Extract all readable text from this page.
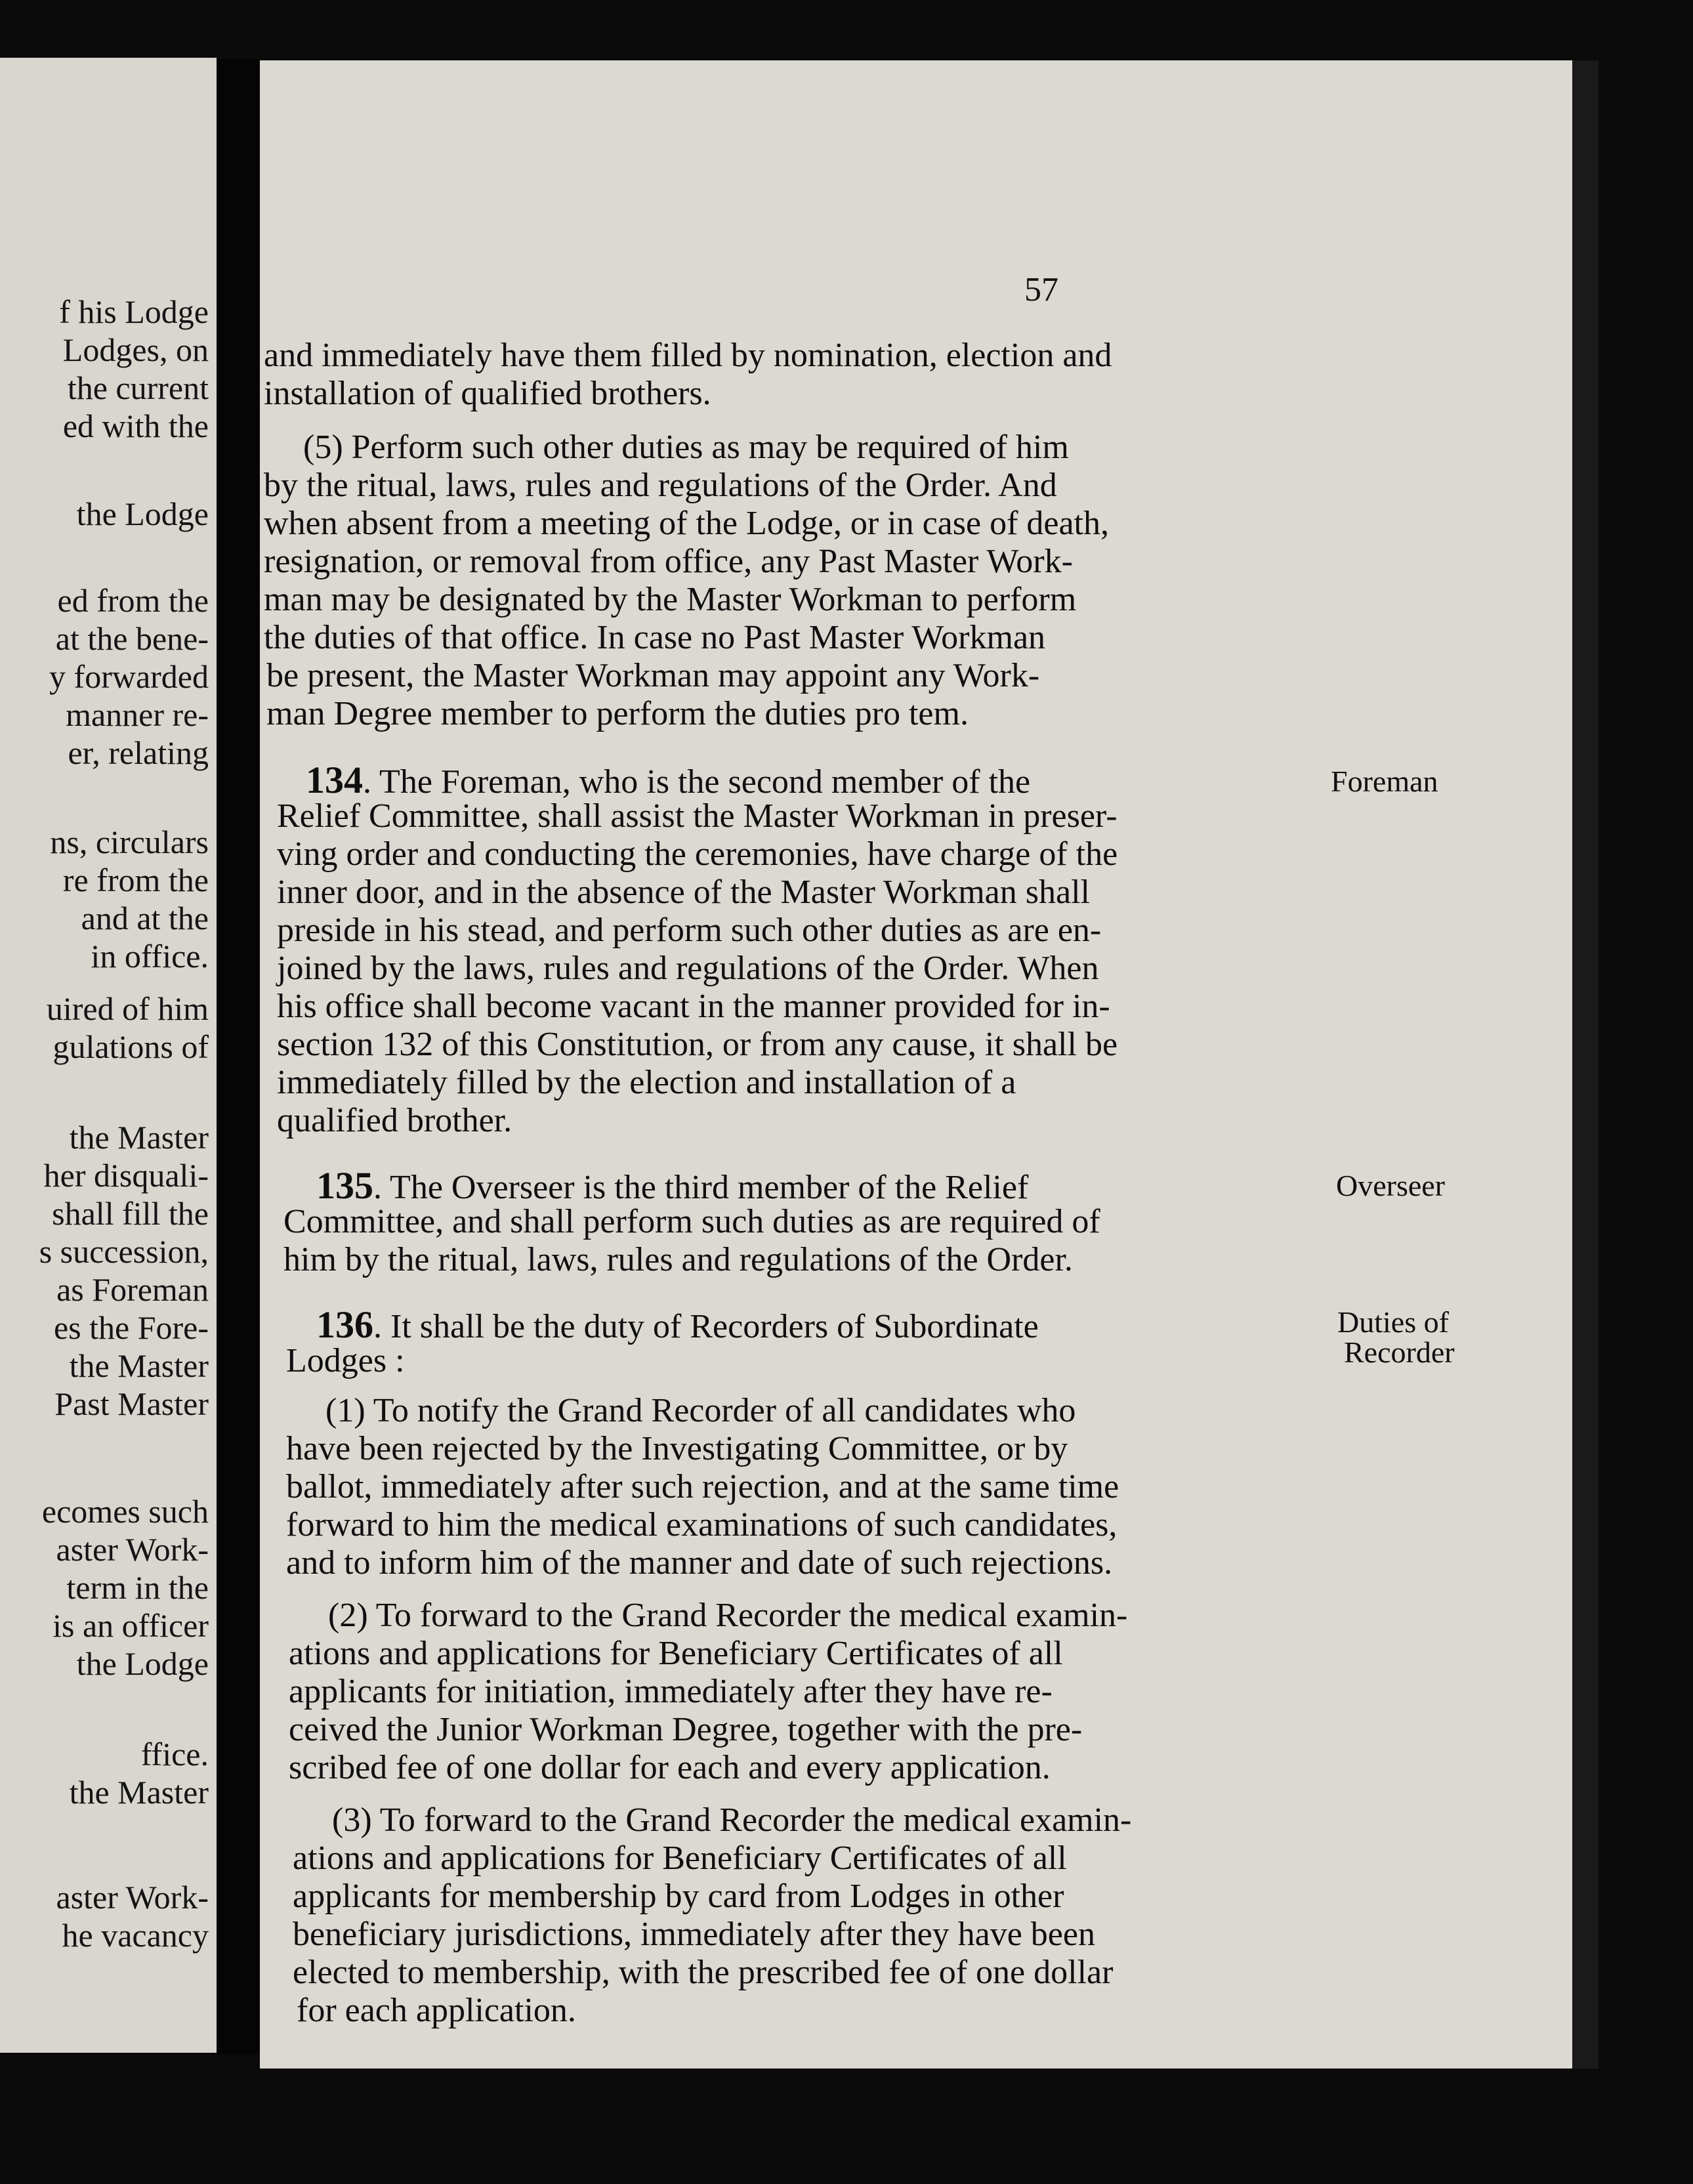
f his Lodge
Lodges, on
the current
ed with the
the Lodge
ed from the
at the bene-
y forwarded
manner re-
er, relating
ns, circulars
re from the
and at the
in office.
uired of him
gulations of
the Master
her disquali-
shall fill the
s succession,
as Foreman
es the Fore-
the Master
Past Master
ecomes such
aster Work-
term in the
is an officer
the Lodge
ffice.
the Master
aster Work-
he vacancy
57
and immediately have them filled by nomination, election and
installation of qualified brothers.
(5) Perform such other duties as may be required of him
by the ritual, laws, rules and regulations of the Order. And
when absent from a meeting of the Lodge, or in case of death,
resignation, or removal from office, any Past Master Work-
man may be designated by the Master Workman to perform
the duties of that office. In case no Past Master Workman
be present, the Master Workman may appoint any Work-
man Degree member to perform the duties pro tem.
134. The Foreman, who is the second member of the
Relief Committee, shall assist the Master Workman in preser-
ving order and conducting the ceremonies, have charge of the
inner door, and in the absence of the Master Workman shall
preside in his stead, and perform such other duties as are en-
joined by the laws, rules and regulations of the Order. When
his office shall become vacant in the manner provided for in-
section 132 of this Constitution, or from any cause, it shall be
immediately filled by the election and installation of a
qualified brother.
135. The Overseer is the third member of the Relief
Committee, and shall perform such duties as are required of
him by the ritual, laws, rules and regulations of the Order.
136. It shall be the duty of Recorders of Subordinate
Lodges :
(1) To notify the Grand Recorder of all candidates who
have been rejected by the Investigating Committee, or by
ballot, immediately after such rejection, and at the same time
forward to him the medical examinations of such candidates,
and to inform him of the manner and date of such rejections.
(2) To forward to the Grand Recorder the medical examin-
ations and applications for Beneficiary Certificates of all
applicants for initiation, immediately after they have re-
ceived the Junior Workman Degree, together with the pre-
scribed fee of one dollar for each and every application.
(3) To forward to the Grand Recorder the medical examin-
ations and applications for Beneficiary Certificates of all
applicants for membership by card from Lodges in other
beneficiary jurisdictions, immediately after they have been
elected to membership, with the prescribed fee of one dollar
for each application.
Foreman
Overseer
Duties of
Recorder
